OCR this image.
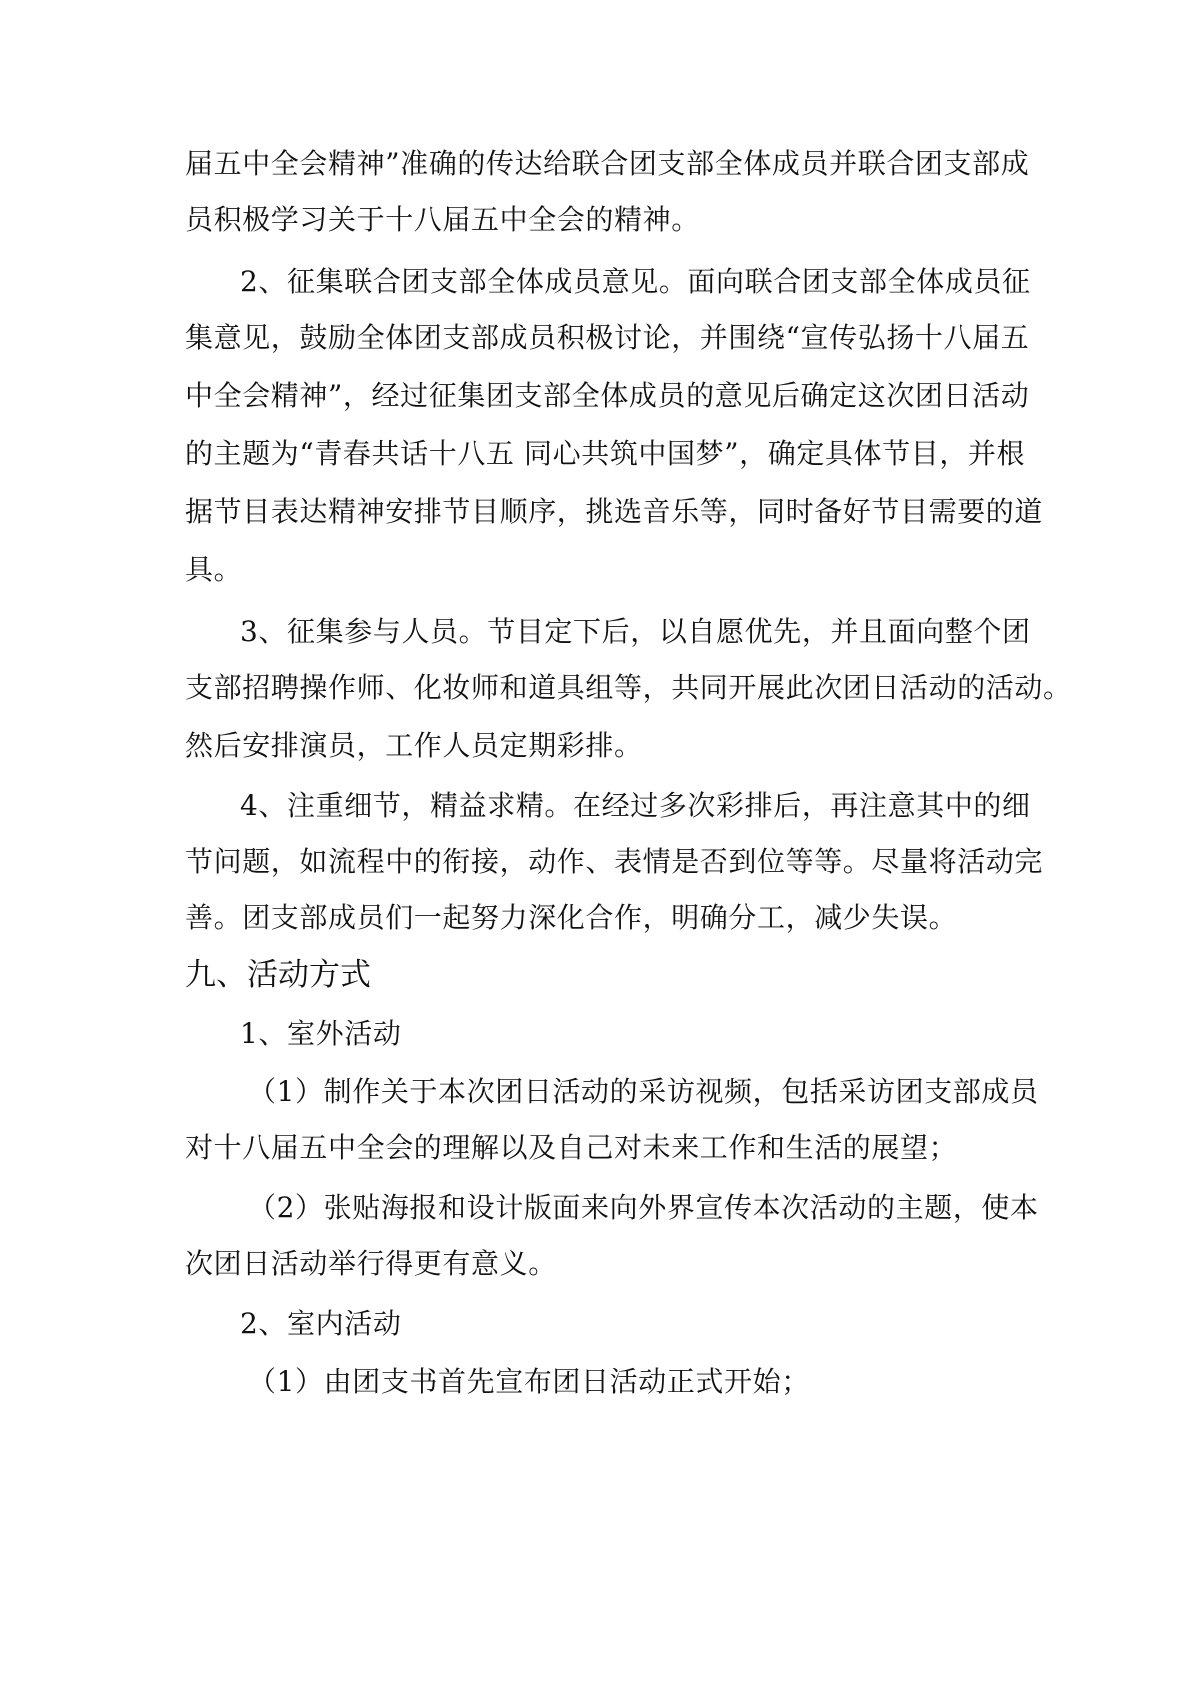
届五中全会精神”准确的传达给联合团支部全体成员并联合团支部成
员积极学习关于十八届五中全会的精神。
2、征集联合团支部全体成员意见。面向联合团支部全体成员征
集意见，鼓励全体团支部成员积极讨论，并围绕“宣传弘扬十八届五
中全会精神”，经过征集团支部全体成员的意见后确定这次团日活动
的主题为“青春共话十八五 同心共筑中国梦”，确定具体节目，并根
据节目表达精神安排节目顺序，挑选音乐等，同时备好节目需要的道
具。
3、征集参与人员。节目定下后，以自愿优先，并且面向整个团
支部招聘操作师、化妆师和道具组等，共同开展此次团日活动的活动。
然后安排演员，工作人员定期彩排。
4、注重细节，精益求精。在经过多次彩排后，再注意其中的细
节问题，如流程中的衔接，动作、表情是否到位等等。尽量将活动完
善。团支部成员们一起努力深化合作，明确分工，减少失误。
九、活动方式
1、室外活动
（1）制作关于本次团日活动的采访视频，包括采访团支部成员
对十八届五中全会的理解以及自己对未来工作和生活的展望；
（2）张贴海报和设计版面来向外界宣传本次活动的主题，使本
次团日活动举行得更有意义。
2、室内活动
（1）由团支书首先宣布团日活动正式开始；
